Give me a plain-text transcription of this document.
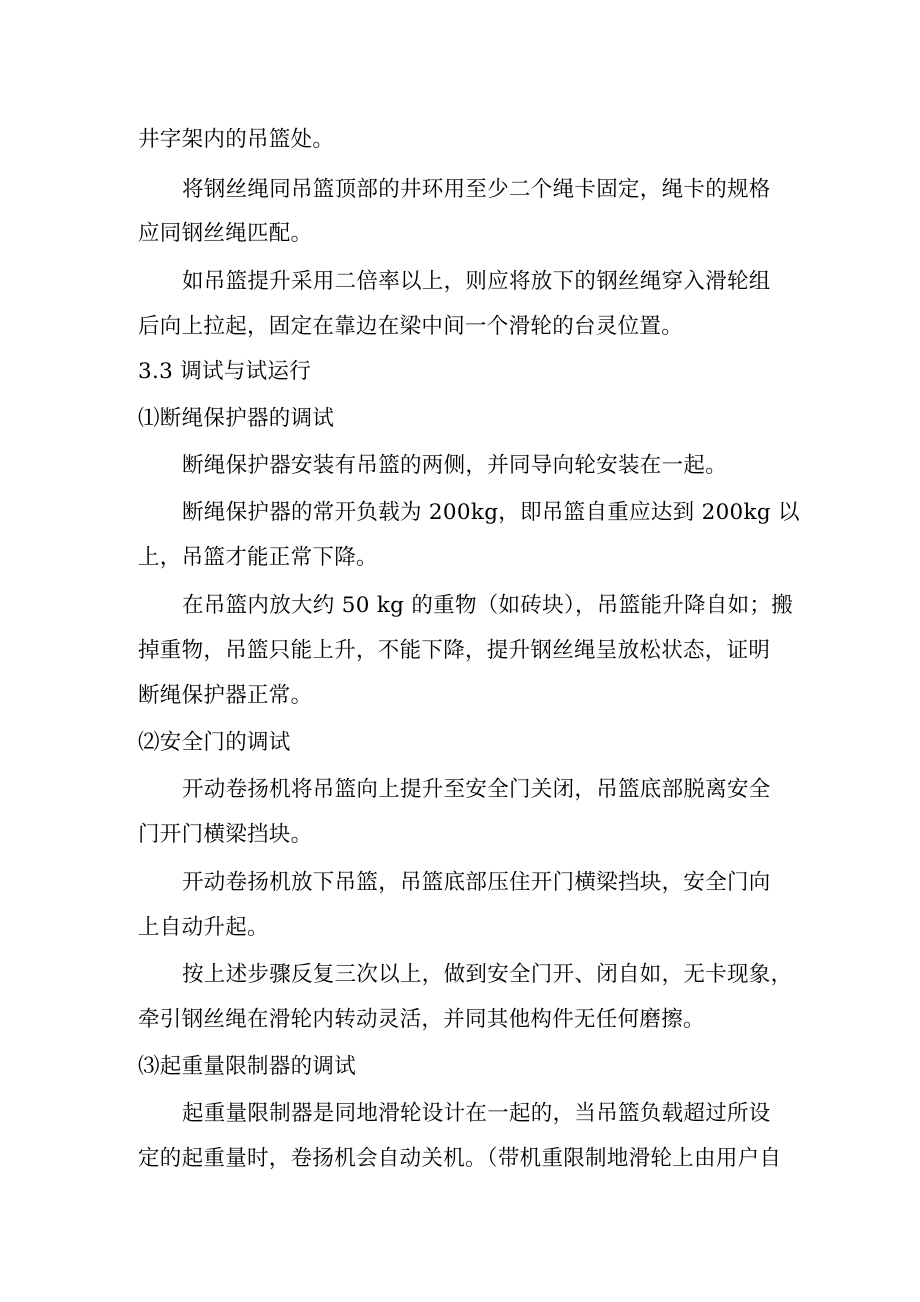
井字架内的吊篮处。
将钢丝绳同吊篮顶部的井环用至少二个绳卡固定，绳卡的规格
应同钢丝绳匹配。
如吊篮提升采用二倍率以上，则应将放下的钢丝绳穿入滑轮组
后向上拉起，固定在靠边在梁中间一个滑轮的台灵位置。
3.3 调试与试运行
⑴断绳保护器的调试
断绳保护器安装有吊篮的两侧，并同导向轮安装在一起。
断绳保护器的常开负载为 200kg，即吊篮自重应达到 200kg 以
上，吊篮才能正常下降。
在吊篮内放大约 50 kg 的重物（如砖块），吊篮能升降自如；搬
掉重物，吊篮只能上升，不能下降，提升钢丝绳呈放松状态，证明
断绳保护器正常。
⑵安全门的调试
开动卷扬机将吊篮向上提升至安全门关闭，吊篮底部脱离安全
门开门横梁挡块。
开动卷扬机放下吊篮，吊篮底部压住开门横梁挡块，安全门向
上自动升起。
按上述步骤反复三次以上，做到安全门开、闭自如，无卡现象，
牵引钢丝绳在滑轮内转动灵活，并同其他构件无任何磨擦。
⑶起重量限制器的调试
起重量限制器是同地滑轮设计在一起的，当吊篮负载超过所设
定的起重量时，卷扬机会自动关机。（带机重限制地滑轮上由用户自
